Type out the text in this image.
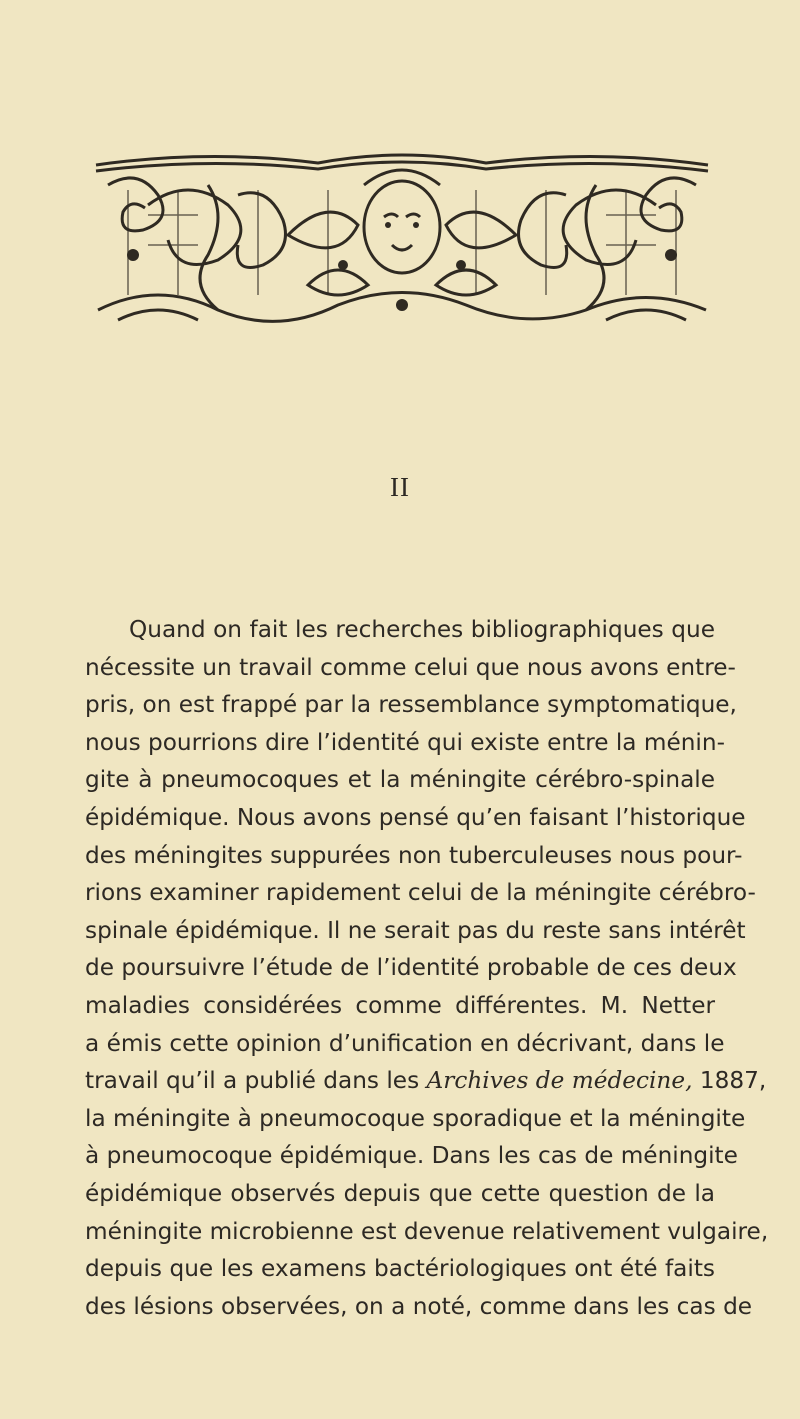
II
Quand on fait les recherches bibliographiques que
nécessite un travail comme celui que nous avons entre-
pris, on est frappé par la ressemblance symptomatique,
nous pourrions dire l’identité qui existe entre la ménin-
gite à pneumocoques et la méningite cérébro-spinale
épidémique. Nous avons pensé qu’en faisant l’historique
des méningites suppurées non tuberculeuses nous pour-
rions examiner rapidement celui de la méningite cérébro-
spinale épidémique. Il ne serait pas du reste sans intérêt
de poursuivre l’étude de l’identité probable de ces deux
maladies considérées comme différentes. M. Netter
a émis cette opinion d’unification en décrivant, dans le
travail qu’il a publié dans les Archives de médecine, 1887,
la méningite à pneumocoque sporadique et la méningite
à pneumocoque épidémique. Dans les cas de méningite
épidémique observés depuis que cette question de la
méningite microbienne est devenue relativement vulgaire,
depuis que les examens bactériologiques ont été faits
des lésions observées, on a noté, comme dans les cas de
